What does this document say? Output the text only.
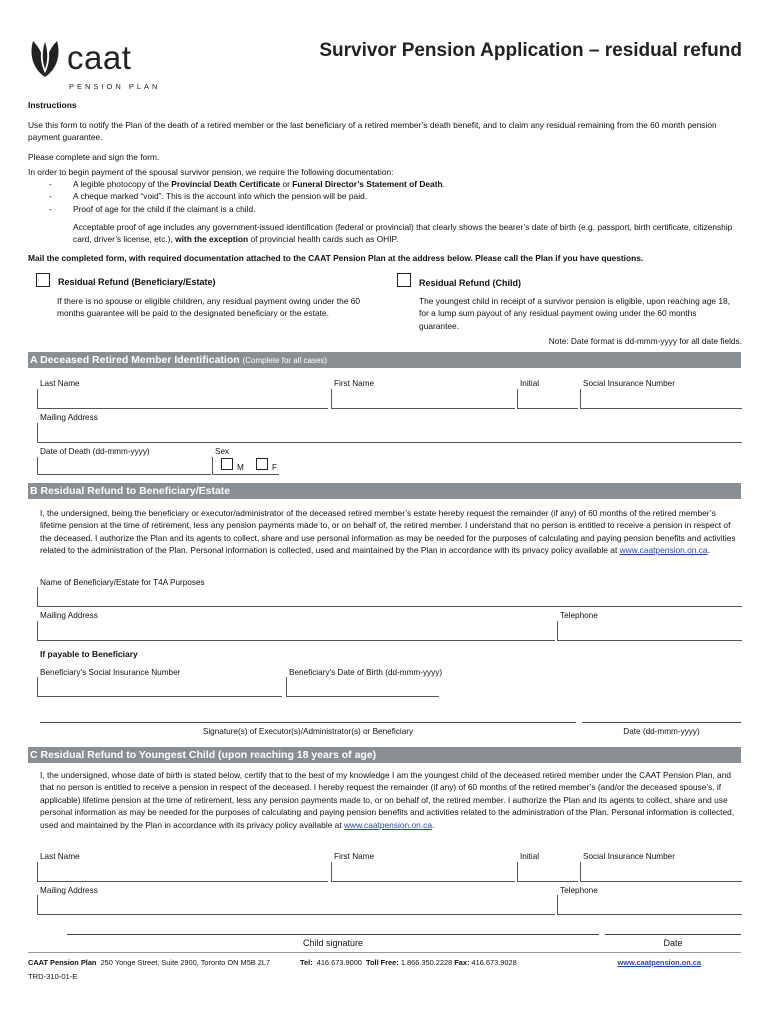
caat
PENSION PLAN
Survivor Pension Application – residual refund
Instructions
Use this form to notify the Plan of the death of a retired member or the last beneficiary of a retired member’s death benefit, and to claim any residual remaining from the 60 month pension payment guarantee.
Please complete and sign the form.
In order to begin payment of the spousal survivor pension, we require the following documentation:
- A legible photocopy of the Provincial Death Certificate or Funeral Director’s Statement of Death.
- A cheque marked “void”. This is the account into which the pension will be paid.
- Proof of age for the child if the claimant is a child.
Acceptable proof of age includes any government-issued identification (federal or provincial) that clearly shows the bearer’s date of birth (e.g. passport, birth certificate, citizenship card, driver’s license, etc.), with the exception of provincial health cards such as OHIP.
Mail the completed form, with required documentation attached to the CAAT Pension Plan at the address below. Please call the Plan if you have questions.
Residual Refund (Beneficiary/Estate)
If there is no spouse or eligible children, any residual payment owing under the 60 months guarantee will be paid to the designated beneficiary or the estate.
Residual Refund (Child)
The youngest child in receipt of a survivor pension is eligible, upon reaching age 18, for a lump sum payout of any residual payment owing under the 60 months guarantee.
Note: Date format is dd-mmm-yyyy for all date fields.
A Deceased Retired Member Identification (Complete for all cases)
Last Name	First Name	Initial	Social Insurance Number
Mailing Address
Date of Death (dd-mmm-yyyy)	Sex
M	F
B Residual Refund to Beneficiary/Estate
I, the undersigned, being the beneficiary or executor/administrator of the deceased retired member’s estate hereby request the remainder (if any) of 60 months of the retired member’s lifetime pension at the time of retirement, less any pension payments made to, or on behalf of, the retired member. I understand that no person is entitled to receive a pension in respect of the deceased. I authorize the Plan and its agents to collect, share and use personal information as may be needed for the purposes of calculating and paying pension benefits and activities related to the administration of the Plan. Personal information is collected, used and maintained by the Plan in accordance with its privacy policy available at www.caatpension.on.ca.
Name of Beneficiary/Estate for T4A Purposes
Mailing Address	Telephone
If payable to Beneficiary
Beneficiary's Social Insurance Number	Beneficiary's Date of Birth (dd-mmm-yyyy)
Signature(s) of Executor(s)/Administrator(s) or Beneficiary	Date (dd-mmm-yyyy)
C Residual Refund to Youngest Child (upon reaching 18 years of age)
I, the undersigned, whose date of birth is stated below, certify that to the best of my knowledge I am the youngest child of the deceased retired member under the CAAT Pension Plan, and that no person is entitled to receive a pension in respect of the deceased. I hereby request the remainder (if any) of 60 months of the retired member’s (and/or the deceased spouse’s, if applicable) lifetime pension at the time of retirement, less any pension payments made to, or on behalf of, the retired member. I authorize the Plan and its agents to collect, share and use personal information as may be needed for the purposes of calculating and paying pension benefits and activities related to the administration of the Plan. Personal information is collected, used and maintained by the Plan in accordance with its privacy policy available at www.caatpension.on.ca.
Last Name	First Name	Initial	Social Insurance Number
Mailing Address	Telephone
Child signature	Date
CAAT Pension Plan 250 Yonge Street, Suite 2900, Toronto ON M5B 2L7	Tel: 416.673.9000 Toll Free: 1.866.350.2228 Fax: 416.673.9028	www.caatpension.on.ca
TRD-310-01-E
